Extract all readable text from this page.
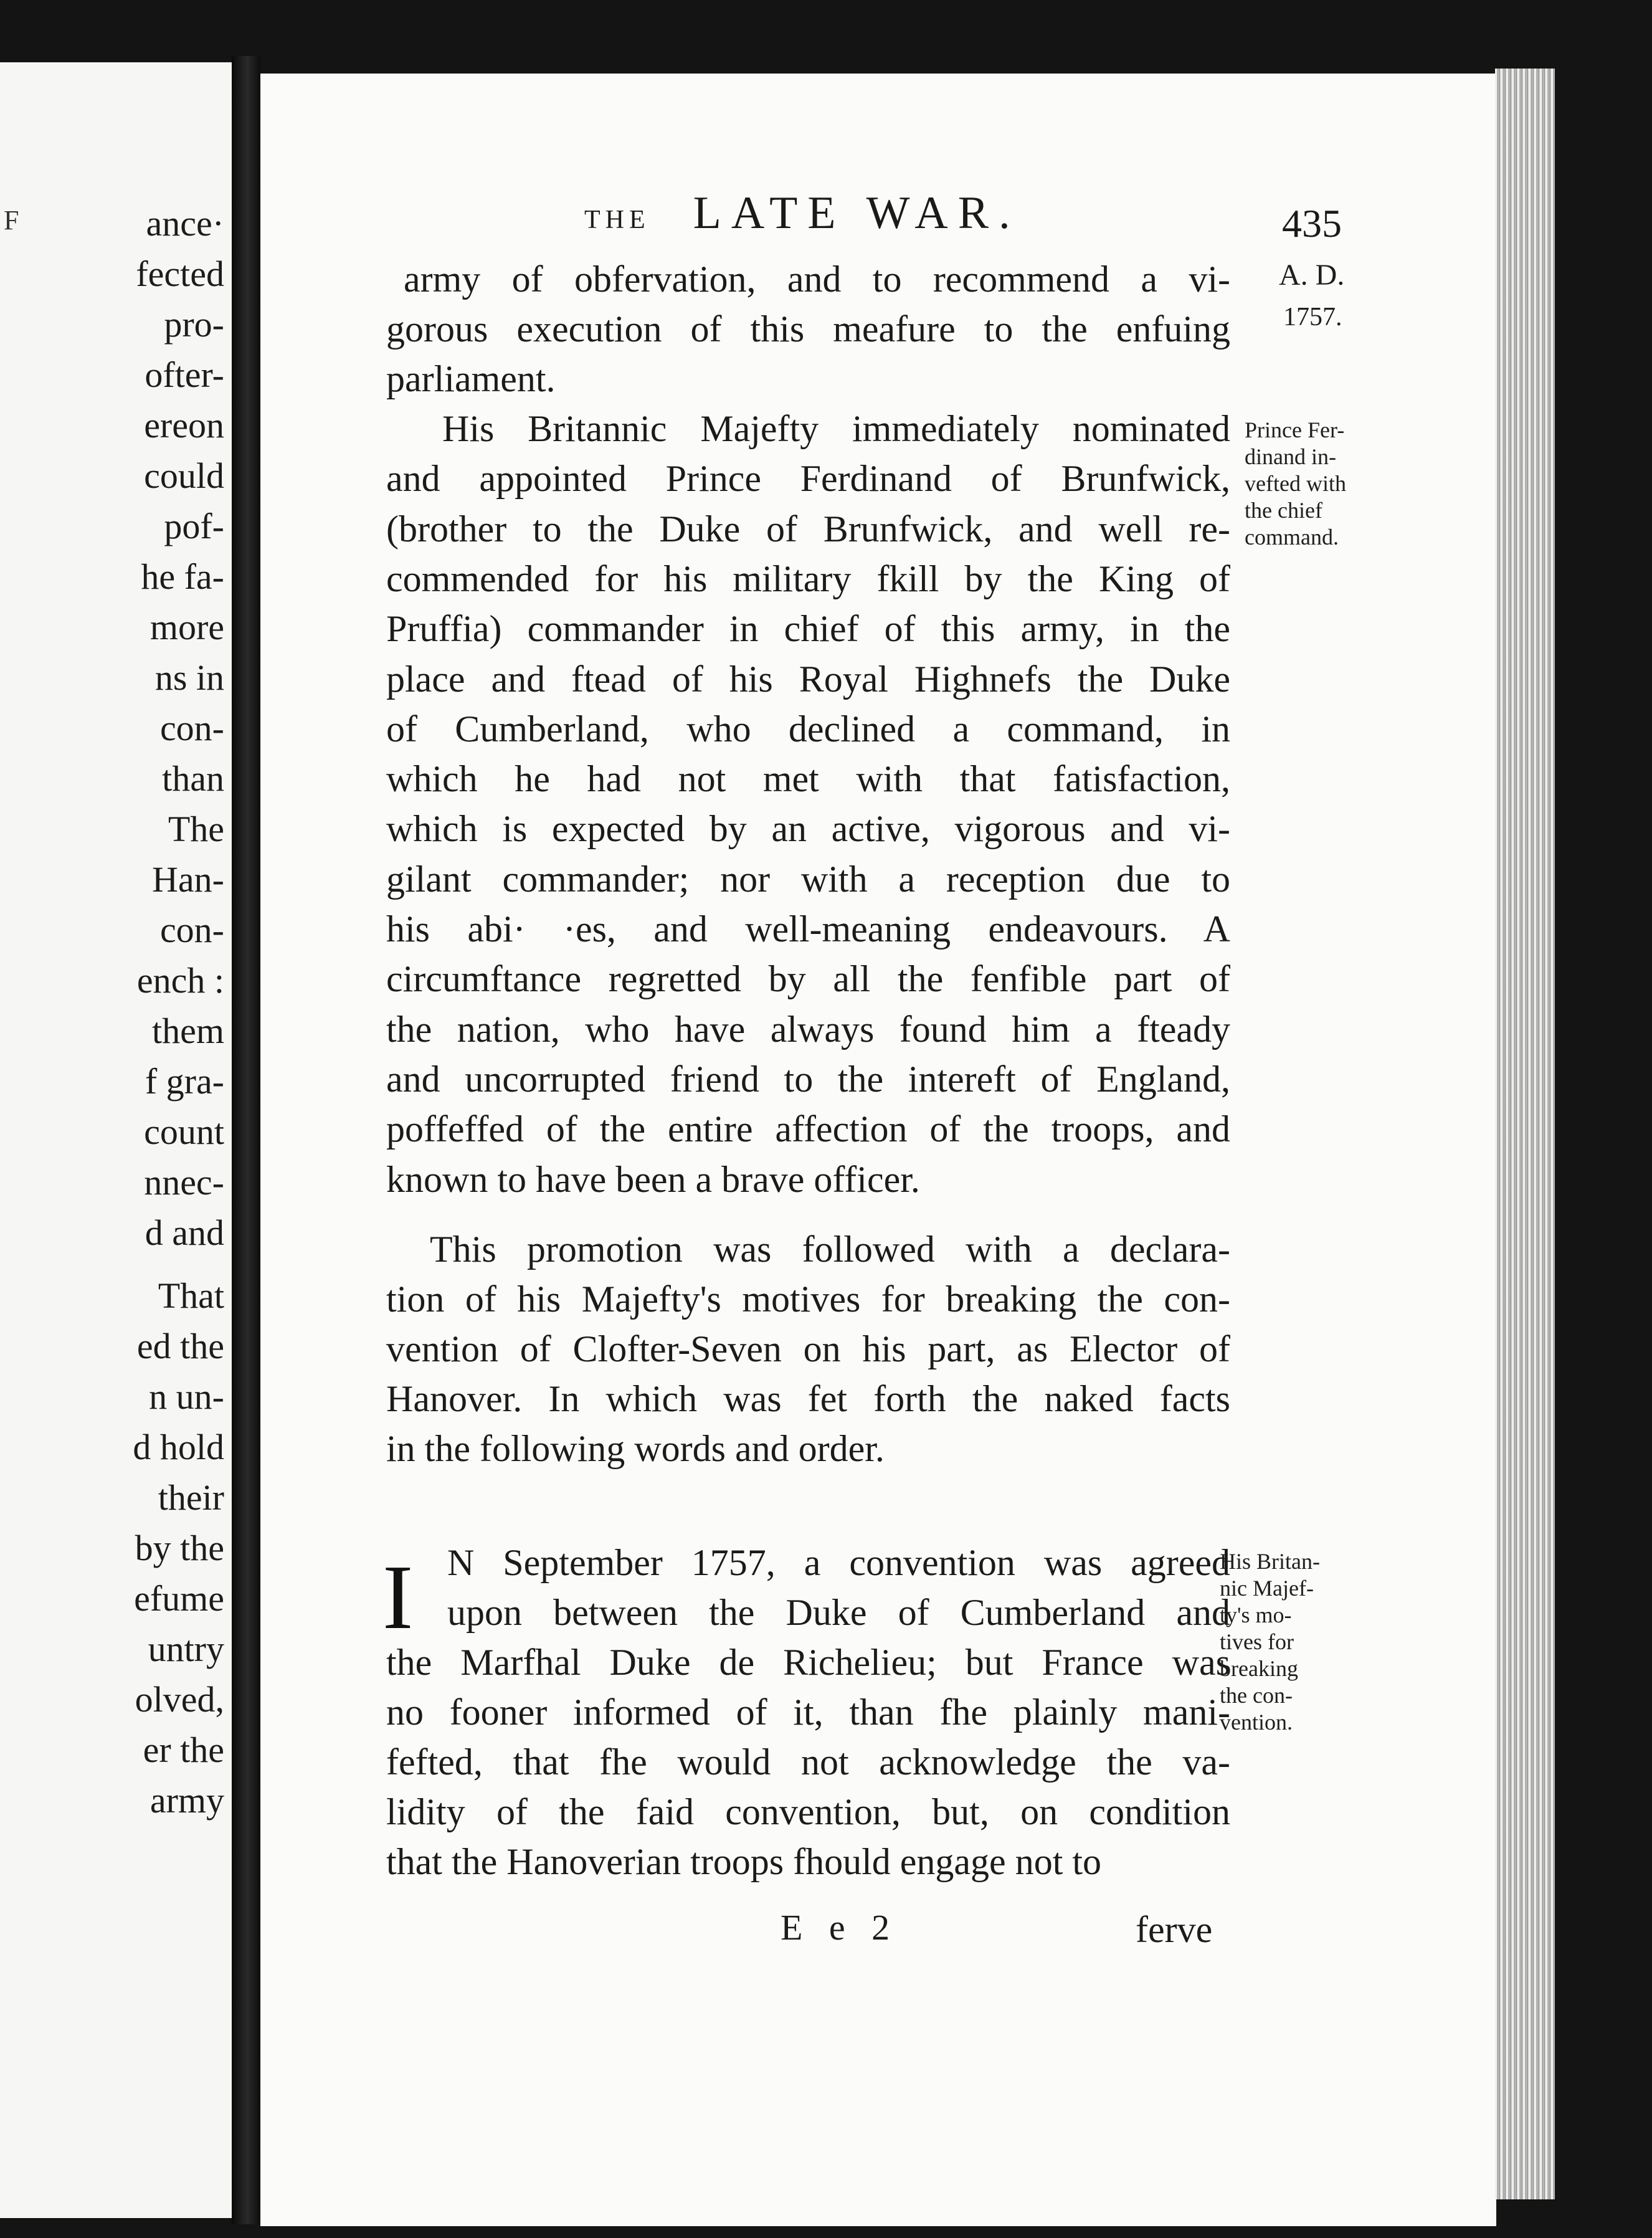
F	ance·
fected
pro-
ofter-
ereon
could
pof-
he fa-
more
ns in
con-
than
The
Han-
con-
ench :
them
f gra-
count
nnec-
d and
That
ed the
n un-
d hold
their
by the
efume
untry
olved,
er the
army
THE LATE WAR.	435
A. D.
1757.
Prince Fer-
dinand in-
vefted with
the chief
command.
His Britan-
nic Majef-
ty's mo-
tives for
breaking
the con-
vention.
army of obfervation, and to recommend a vi-
gorous execution of this meafure to the enfuing
parliament.
His Britannic Majefty immediately nominated
and appointed Prince Ferdinand of Brunfwick,
(brother to the Duke of Brunfwick, and well re-
commended for his military fkill by the King of
Pruffia) commander in chief of this army, in the
place and ftead of his Royal Highnefs the Duke
of Cumberland, who declined a command, in
which he had not met with that fatisfaction,
which is expected by an active, vigorous and vi-
gilant commander; nor with a reception due to
his abi· ·es, and well-meaning endeavours. A
circumftance regretted by all the fenfible part of
the nation, who have always found him a fteady
and uncorrupted friend to the intereft of England,
poffeffed of the entire affection of the troops, and
known to have been a brave officer.
This promotion was followed with a declara-
tion of his Majefty's motives for breaking the con-
vention of Clofter-Seven on his part, as Elector of
Hanover. In which was fet forth the naked facts
in the following words and order.
N September 1757, a convention was agreed
upon between the Duke of Cumberland and
the Marfhal Duke de Richelieu; but France was
no fooner informed of it, than fhe plainly mani-
fefted, that fhe would not acknowledge the va-
lidity of the faid convention, but, on condition
that the Hanoverian troops fhould engage not to
I
E e 2	ferve
